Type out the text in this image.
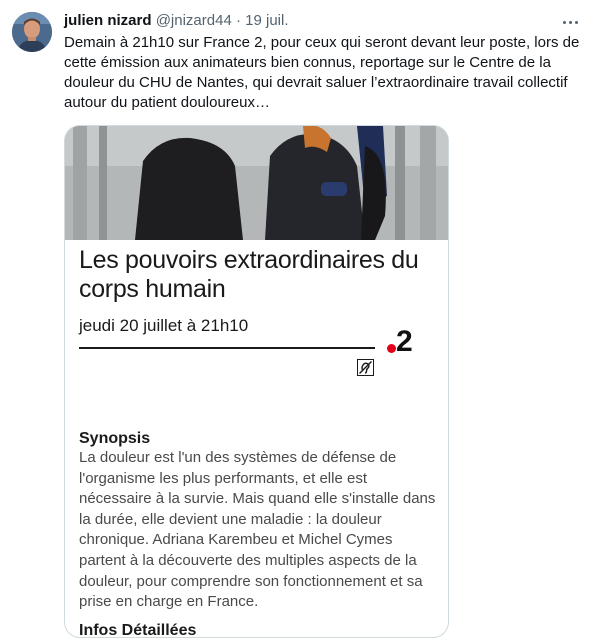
julien nizard @jnizard44 · 19 juil.
Demain à 21h10 sur France 2, pour ceux qui seront devant leur poste, lors de cette émission aux animateurs bien connus, reportage sur le Centre de la douleur du CHU de Nantes, qui devrait saluer l’extraordinaire travail collectif autour du patient douloureux…
Les pouvoirs extraordinaires du corps humain
jeudi 20 juillet à 21h10	2
Synopsis
La douleur est l'un des systèmes de défense de l'organisme les plus performants, et elle est nécessaire à la survie. Mais quand elle s'installe dans la durée, elle devient une maladie : la douleur chronique. Adriana Karembeu et Michel Cymes partent à la découverte des multiples aspects de la douleur, pour comprendre son fonctionnement et sa prise en charge en France.
Infos Détaillées
